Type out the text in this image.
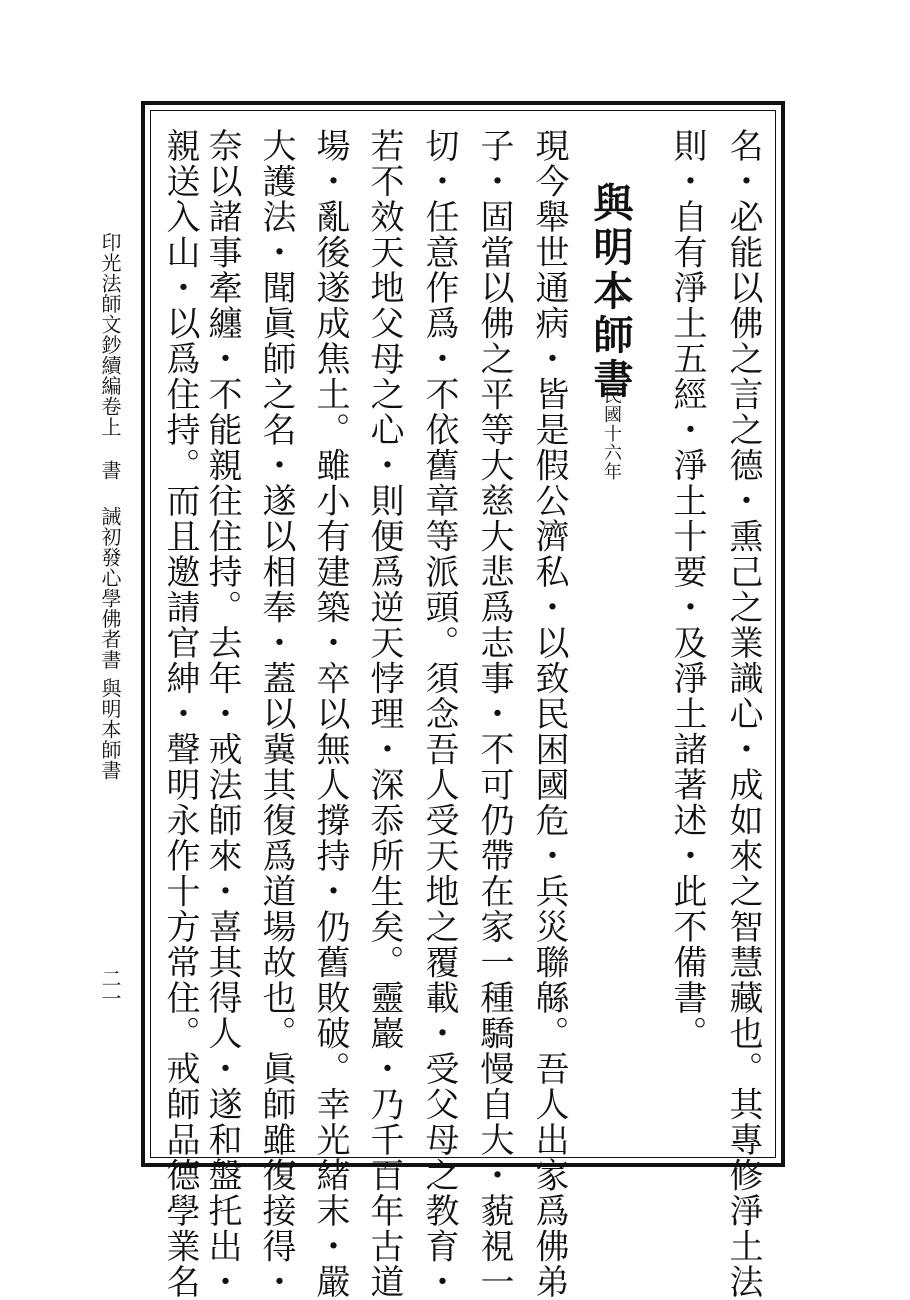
名・必能以佛之言之德・熏己之業識心・成如來之智慧藏也。其專修淨土法
則・自有淨土五經・淨土十要・及淨土諸著述・此不備書。
與明本師書
民國十六年
現今舉世通病・皆是假公濟私・以致民困國危・兵災聯緜。吾人出家爲佛弟
子・固當以佛之平等大慈大悲爲志事・不可仍帶在家一種驕慢自大・藐視一
切・任意作爲・不依舊章等派頭。須念吾人受天地之覆載・受父母之教育・
若不效天地父母之心・則便爲逆天悖理・深忝所生矣。靈巖・乃千百年古道
場・亂後遂成焦土。雖小有建築・卒以無人撐持・仍舊敗破。幸光緒末・嚴
大護法・聞眞師之名・遂以相奉・蓋以冀其復爲道場故也。眞師雖復接得・
奈以諸事牽纏・不能親往住持。去年・戒法師來・喜其得人・遂和盤托出・
親送入山・以爲住持。而且邀請官紳・聲明永作十方常住。戒師品德學業名
印光法師文鈔續編卷上
書
誡初發心學佛者書
與明本師書
二一
